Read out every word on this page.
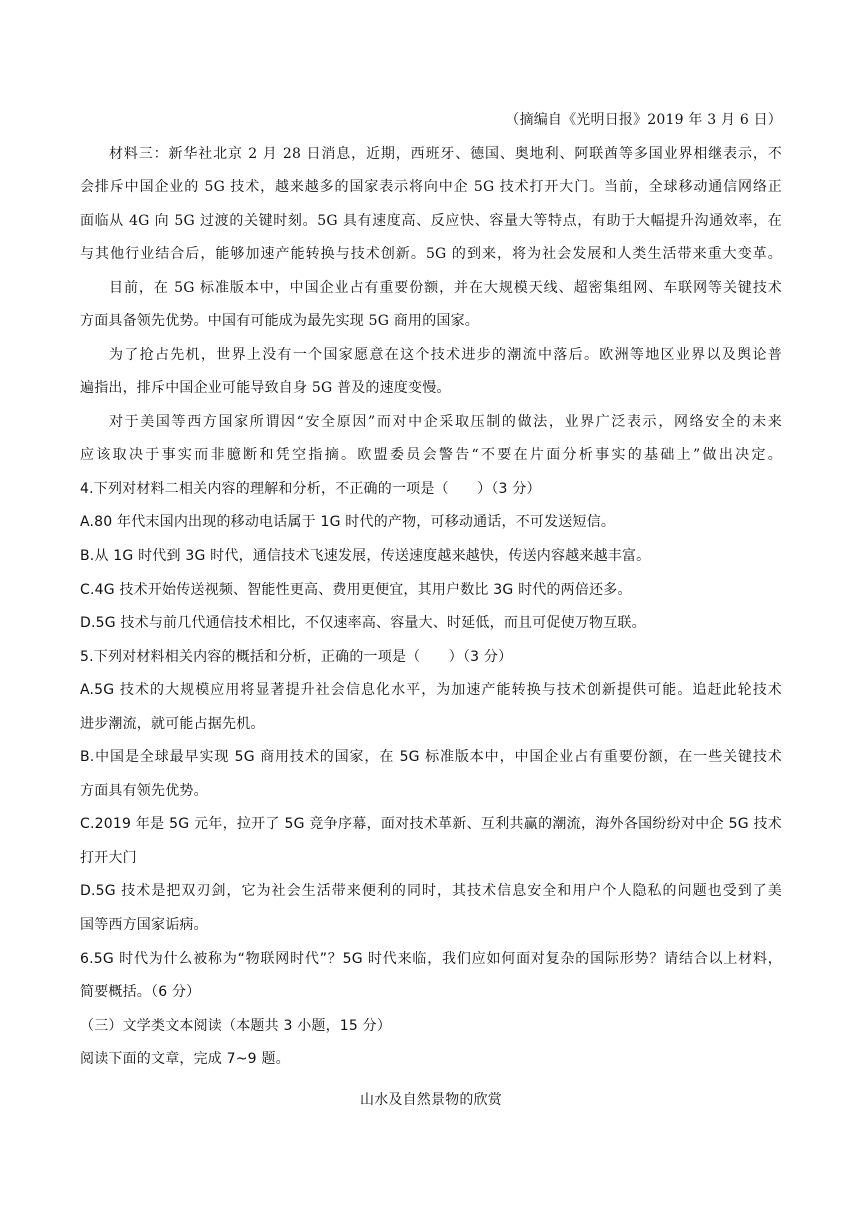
（摘编自《光明日报》2019 年 3 月 6 日）
材料三：新华社北京 2 月 28 日消息，近期，西班牙、德国、奥地利、阿联酋等多国业界相继表示，不
会排斥中国企业的 5G 技术，越来越多的国家表示将向中企 5G 技术打开大门。当前，全球移动通信网络正
面临从 4G 向 5G 过渡的关键时刻。5G 具有速度高、反应快、容量大等特点，有助于大幅提升沟通效率，在
与其他行业结合后，能够加速产能转换与技术创新。5G 的到来，将为社会发展和人类生活带来重大变革。
目前，在 5G 标准版本中，中国企业占有重要份额，并在大规模天线、超密集组网、车联网等关键技术
方面具备领先优势。中国有可能成为最先实现 5G 商用的国家。
为了抢占先机，世界上没有一个国家愿意在这个技术进步的潮流中落后。欧洲等地区业界以及舆论普
遍指出，排斥中国企业可能导致自身 5G 普及的速度变慢。
对于美国等西方国家所谓因“安全原因”而对中企采取压制的做法，业界广泛表示，网络安全的未来
应该取决于事实而非臆断和凭空指摘。欧盟委员会警告“不要在片面分析事实的基础上”做出决定。
4.下列对材料二相关内容的理解和分析，不正确的一项是（　　）（3 分）
A.80 年代末国内出现的移动电话属于 1G 时代的产物，可移动通话，不可发送短信。
B.从 1G 时代到 3G 时代，通信技术飞速发展，传送速度越来越快，传送内容越来越丰富。
C.4G 技术开始传送视频、智能性更高、费用更便宜，其用户数比 3G 时代的两倍还多。
D.5G 技术与前几代通信技术相比，不仅速率高、容量大、时延低，而且可促使万物互联。
5.下列对材料相关内容的概括和分析，正确的一项是（　　）（3 分）
A.5G 技术的大规模应用将显著提升社会信息化水平，为加速产能转换与技术创新提供可能。追赶此轮技术
进步潮流，就可能占据先机。
B.中国是全球最早实现 5G 商用技术的国家，在 5G 标准版本中，中国企业占有重要份额，在一些关键技术
方面具有领先优势。
C.2019 年是 5G 元年，拉开了 5G 竞争序幕，面对技术革新、互利共赢的潮流，海外各国纷纷对中企 5G 技术
打开大门
D.5G 技术是把双刃剑，它为社会生活带来便利的同时，其技术信息安全和用户个人隐私的问题也受到了美
国等西方国家诟病。
6.5G 时代为什么被称为“物联网时代”？5G 时代来临，我们应如何面对复杂的国际形势？请结合以上材料，
简要概括。（6 分）
（三）文学类文本阅读（本题共 3 小题，15 分）
阅读下面的文章，完成 7~9 题。
山水及自然景物的欣赏
